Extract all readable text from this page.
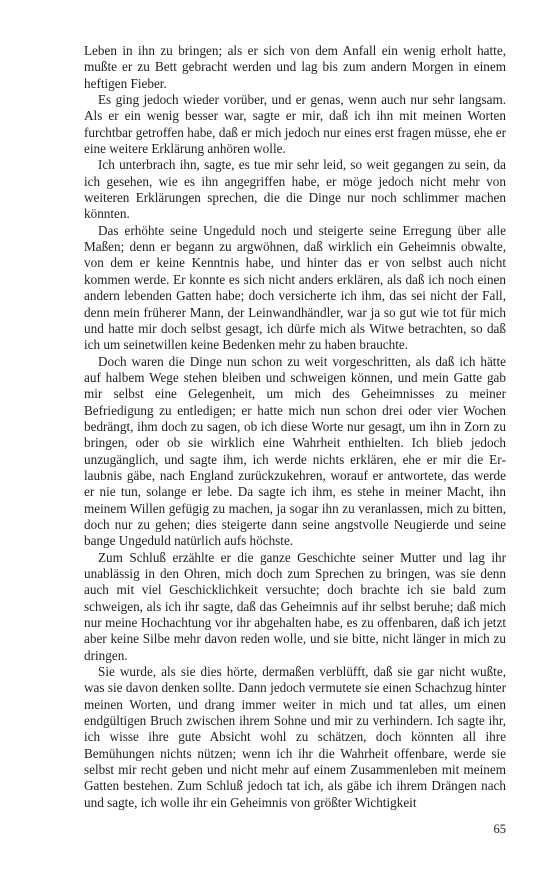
Leben in ihn zu bringen; als er sich von dem Anfall ein wenig erholt hatte, mußte er zu Bett gebracht werden und lag bis zum andern Morgen in einem heftigen Fieber.

Es ging jedoch wieder vorüber, und er genas, wenn auch nur sehr langsam. Als er ein wenig besser war, sagte er mir, daß ich ihn mit meinen Worten furchtbar getroffen habe, daß er mich jedoch nur eines erst fragen müsse, ehe er eine weitere Erklärung anhören wolle.

Ich unterbrach ihn, sagte, es tue mir sehr leid, so weit gegangen zu sein, da ich gesehen, wie es ihn angegriffen habe, er möge jedoch nicht mehr von weiteren Erklärungen sprechen, die die Dinge nur noch schlimmer machen könnten.

Das erhöhte seine Ungeduld noch und steigerte seine Erregung über alle Maßen; denn er begann zu argwöhnen, daß wirklich ein Geheimnis obwalte, von dem er keine Kenntnis habe, und hinter das er von selbst auch nicht kommen werde. Er konnte es sich nicht anders erklären, als daß ich noch einen andern lebenden Gatten habe; doch versicherte ich ihm, das sei nicht der Fall, denn mein früherer Mann, der Leinwandhändler, war ja so gut wie tot für mich und hatte mir doch selbst gesagt, ich dürfe mich als Witwe betrachten, so daß ich um seinetwillen keine Bedenken mehr zu haben brauchte.

Doch waren die Dinge nun schon zu weit vorgeschritten, als daß ich hätte auf halbem Wege stehen bleiben und schweigen können, und mein Gatte gab mir selbst eine Gelegenheit, um mich des Geheimnisses zu meiner Befriedigung zu entledigen; er hatte mich nun schon drei oder vier Wochen bedrängt, ihm doch zu sagen, ob ich diese Worte nur gesagt, um ihn in Zorn zu bringen, oder ob sie wirklich eine Wahrheit enthielten. Ich blieb jedoch unzugänglich, und sagte ihm, ich werde nichts erklären, ehe er mir die Erlaubnis gäbe, nach England zurückzukehren, worauf er antwortete, das werde er nie tun, solange er lebe. Da sagte ich ihm, es stehe in meiner Macht, ihn meinem Willen gefügig zu machen, ja sogar ihn zu veranlassen, mich zu bitten, doch nur zu gehen; dies steigerte dann seine angstvolle Neugierde und seine bange Ungeduld natürlich aufs höchste.

Zum Schluß erzählte er die ganze Geschichte seiner Mutter und lag ihr unablässig in den Ohren, mich doch zum Sprechen zu bringen, was sie denn auch mit viel Geschicklichkeit versuchte; doch brachte ich sie bald zum schweigen, als ich ihr sagte, daß das Geheimnis auf ihr selbst beruhe; daß mich nur meine Hochachtung vor ihr abgehalten habe, es zu offenbaren, daß ich jetzt aber keine Silbe mehr davon reden wolle, und sie bitte, nicht länger in mich zu dringen.

Sie wurde, als sie dies hörte, dermaßen verblüfft, daß sie gar nicht wußte, was sie davon denken sollte. Dann jedoch vermutete sie einen Schachzug hinter meinen Worten, und drang immer weiter in mich und tat alles, um einen endgültigen Bruch zwischen ihrem Sohne und mir zu verhindern. Ich sagte ihr, ich wisse ihre gute Absicht wohl zu schätzen, doch könnten all ihre Bemühungen nichts nützen; wenn ich ihr die Wahrheit offenbare, werde sie selbst mir recht geben und nicht mehr auf einem Zusammenleben mit meinem Gatten bestehen. Zum Schluß jedoch tat ich, als gäbe ich ihrem Drängen nach und sagte, ich wolle ihr ein Geheimnis von größter Wichtigkeit

65
